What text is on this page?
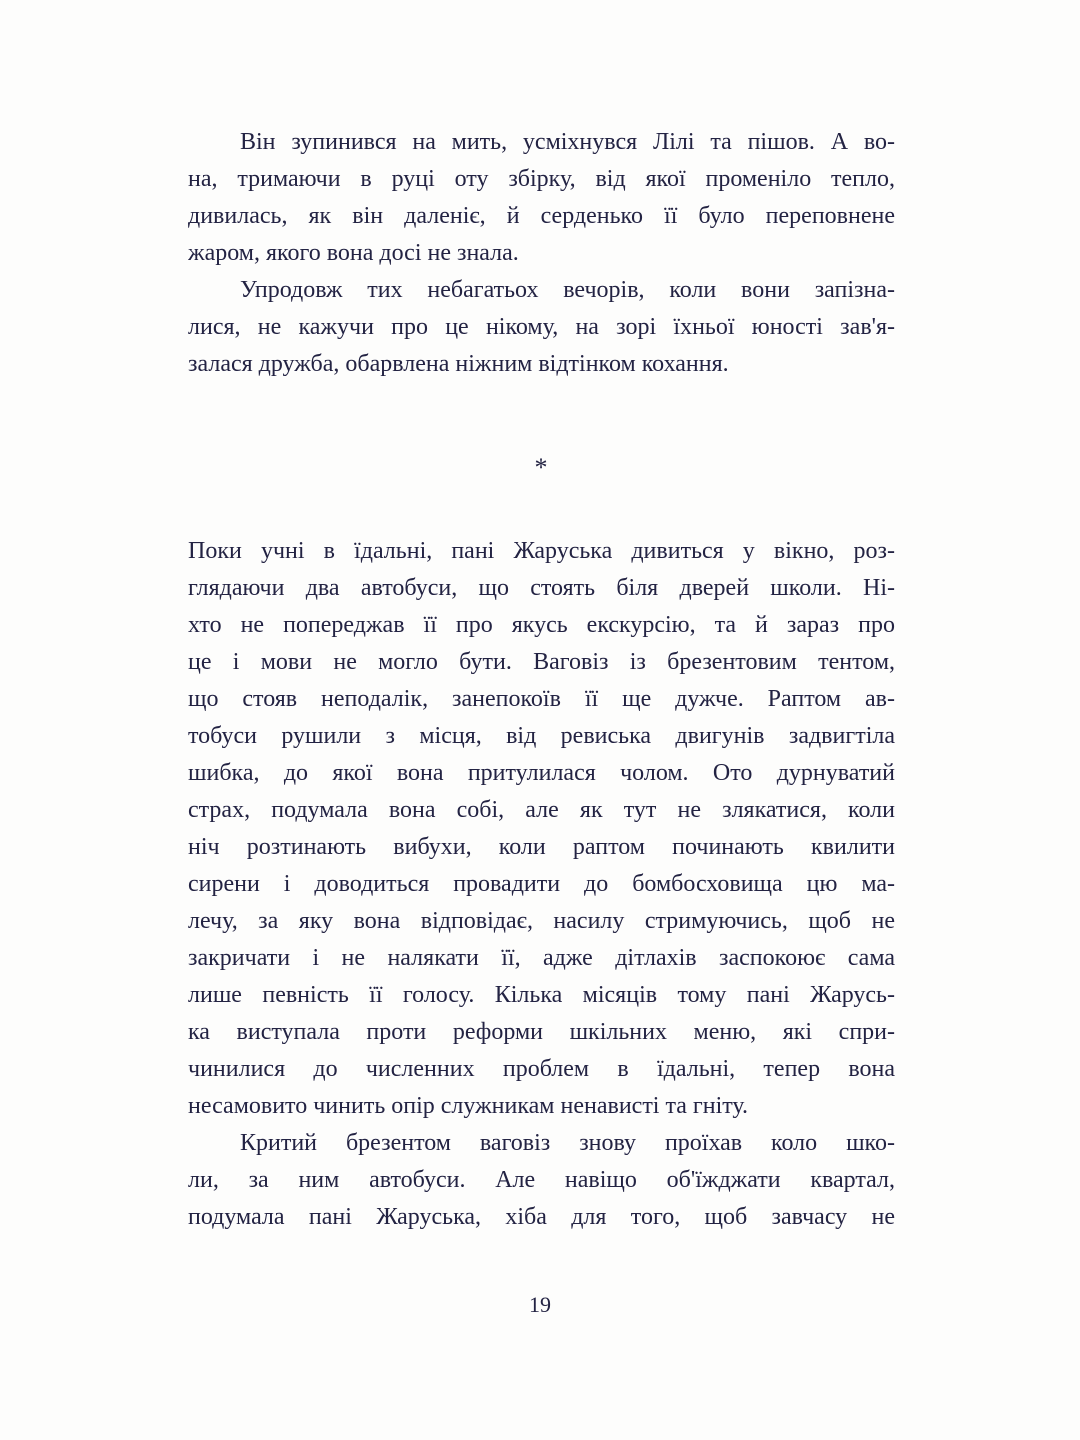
Він зупинився на мить, усміхнувся Лілі та пішов. А во-
на, тримаючи в руці оту збірку, від якої променіло тепло,
дивилась, як він даленіє, й серденько її було переповнене
жаром, якого вона досі не знала.
Упродовж тих небагатьох вечорів, коли вони запізна-
лися, не кажучи про це нікому, на зорі їхньої юності зав'я-
залася дружба, обарвлена ніжним відтінком кохання.
*
Поки учні в їдальні, пані Жаруська дивиться у вікно, роз-
глядаючи два автобуси, що стоять біля дверей школи. Ні-
хто не попереджав її про якусь екскурсію, та й зараз про
це і мови не могло бути. Ваговіз із брезентовим тентом,
що стояв неподалік, занепокоїв її ще дужче. Раптом ав-
тобуси рушили з місця, від ревиська двигунів задвигтіла
шибка, до якої вона притулилася чолом. Ото дурнуватий
страх, подумала вона собі, але як тут не злякатися, коли
ніч розтинають вибухи, коли раптом починають квилити
сирени і доводиться провадити до бомбосховища цю ма-
лечу, за яку вона відповідає, насилу стримуючись, щоб не
закричати і не налякати її, адже дітлахів заспокоює сама
лише певність її голосу. Кілька місяців тому пані Жарусь-
ка виступала проти реформи шкільних меню, які спри-
чинилися до численних проблем в їдальні, тепер вона
несамовито чинить опір служникам ненависті та гніту.
Критий брезентом ваговіз знову проїхав коло шко-
ли, за ним автобуси. Але навіщо об'їжджати квартал,
подумала пані Жаруська, хіба для того, щоб завчасу не
19
